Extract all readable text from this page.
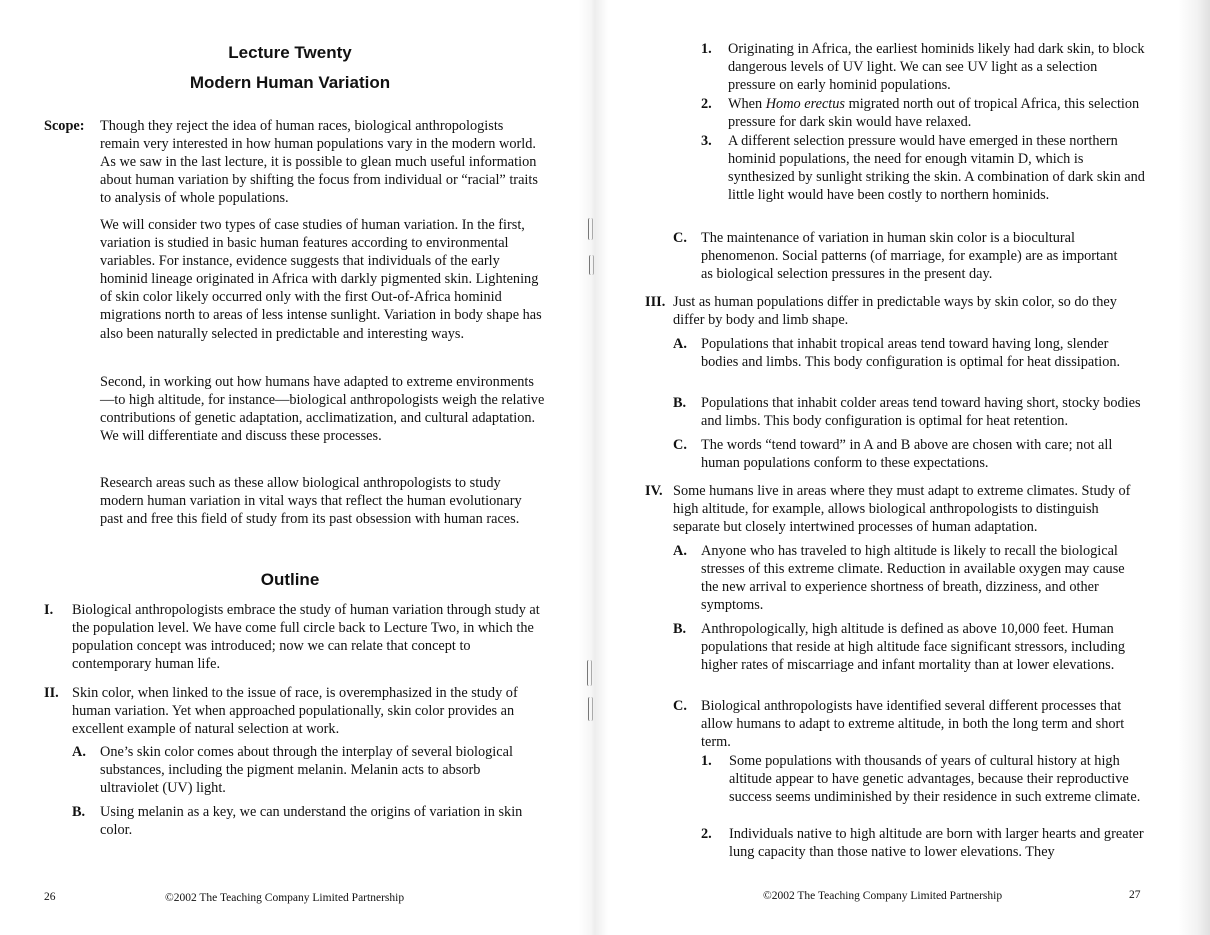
Lecture Twenty
Modern Human Variation
Scope: Though they reject the idea of human races, biological anthropologists remain very interested in how human populations vary in the modern world. As we saw in the last lecture, it is possible to glean much useful information about human variation by shifting the focus from individual or “racial” traits to analysis of whole populations.
We will consider two types of case studies of human variation. In the first, variation is studied in basic human features according to environmental variables. For instance, evidence suggests that individuals of the early hominid lineage originated in Africa with darkly pigmented skin. Lightening of skin color likely occurred only with the first Out-of-Africa hominid migrations north to areas of less intense sunlight. Variation in body shape has also been naturally selected in predictable and interesting ways.
Second, in working out how humans have adapted to extreme environments—to high altitude, for instance—biological anthropologists weigh the relative contributions of genetic adaptation, acclimatization, and cultural adaptation. We will differentiate and discuss these processes.
Research areas such as these allow biological anthropologists to study modern human variation in vital ways that reflect the human evolutionary past and free this field of study from its past obsession with human races.
Outline
I. Biological anthropologists embrace the study of human variation through study at the population level. We have come full circle back to Lecture Two, in which the population concept was introduced; now we can relate that concept to contemporary human life.
II. Skin color, when linked to the issue of race, is overemphasized in the study of human variation. Yet when approached populationally, skin color provides an excellent example of natural selection at work.
A. One’s skin color comes about through the interplay of several biological substances, including the pigment melanin. Melanin acts to absorb ultraviolet (UV) light.
B. Using melanin as a key, we can understand the origins of variation in skin color.
26	©2002 The Teaching Company Limited Partnership
1. Originating in Africa, the earliest hominids likely had dark skin, to block dangerous levels of UV light. We can see UV light as a selection pressure on early hominid populations.
2. When Homo erectus migrated north out of tropical Africa, this selection pressure for dark skin would have relaxed.
3. A different selection pressure would have emerged in these northern hominid populations, the need for enough vitamin D, which is synthesized by sunlight striking the skin. A combination of dark skin and little light would have been costly to northern hominids.
C. The maintenance of variation in human skin color is a biocultural phenomenon. Social patterns (of marriage, for example) are as important as biological selection pressures in the present day.
III. Just as human populations differ in predictable ways by skin color, so do they differ by body and limb shape.
A. Populations that inhabit tropical areas tend toward having long, slender bodies and limbs. This body configuration is optimal for heat dissipation.
B. Populations that inhabit colder areas tend toward having short, stocky bodies and limbs. This body configuration is optimal for heat retention.
C. The words “tend toward” in A and B above are chosen with care; not all human populations conform to these expectations.
IV. Some humans live in areas where they must adapt to extreme climates. Study of high altitude, for example, allows biological anthropologists to distinguish separate but closely intertwined processes of human adaptation.
A. Anyone who has traveled to high altitude is likely to recall the biological stresses of this extreme climate. Reduction in available oxygen may cause the new arrival to experience shortness of breath, dizziness, and other symptoms.
B. Anthropologically, high altitude is defined as above 10,000 feet. Human populations that reside at high altitude face significant stressors, including higher rates of miscarriage and infant mortality than at lower elevations.
C. Biological anthropologists have identified several different processes that allow humans to adapt to extreme altitude, in both the long term and short term.
1. Some populations with thousands of years of cultural history at high altitude appear to have genetic advantages, because their reproductive success seems undiminished by their residence in such extreme climate.
2. Individuals native to high altitude are born with larger hearts and greater lung capacity than those native to lower elevations. They
©2002 The Teaching Company Limited Partnership	27
